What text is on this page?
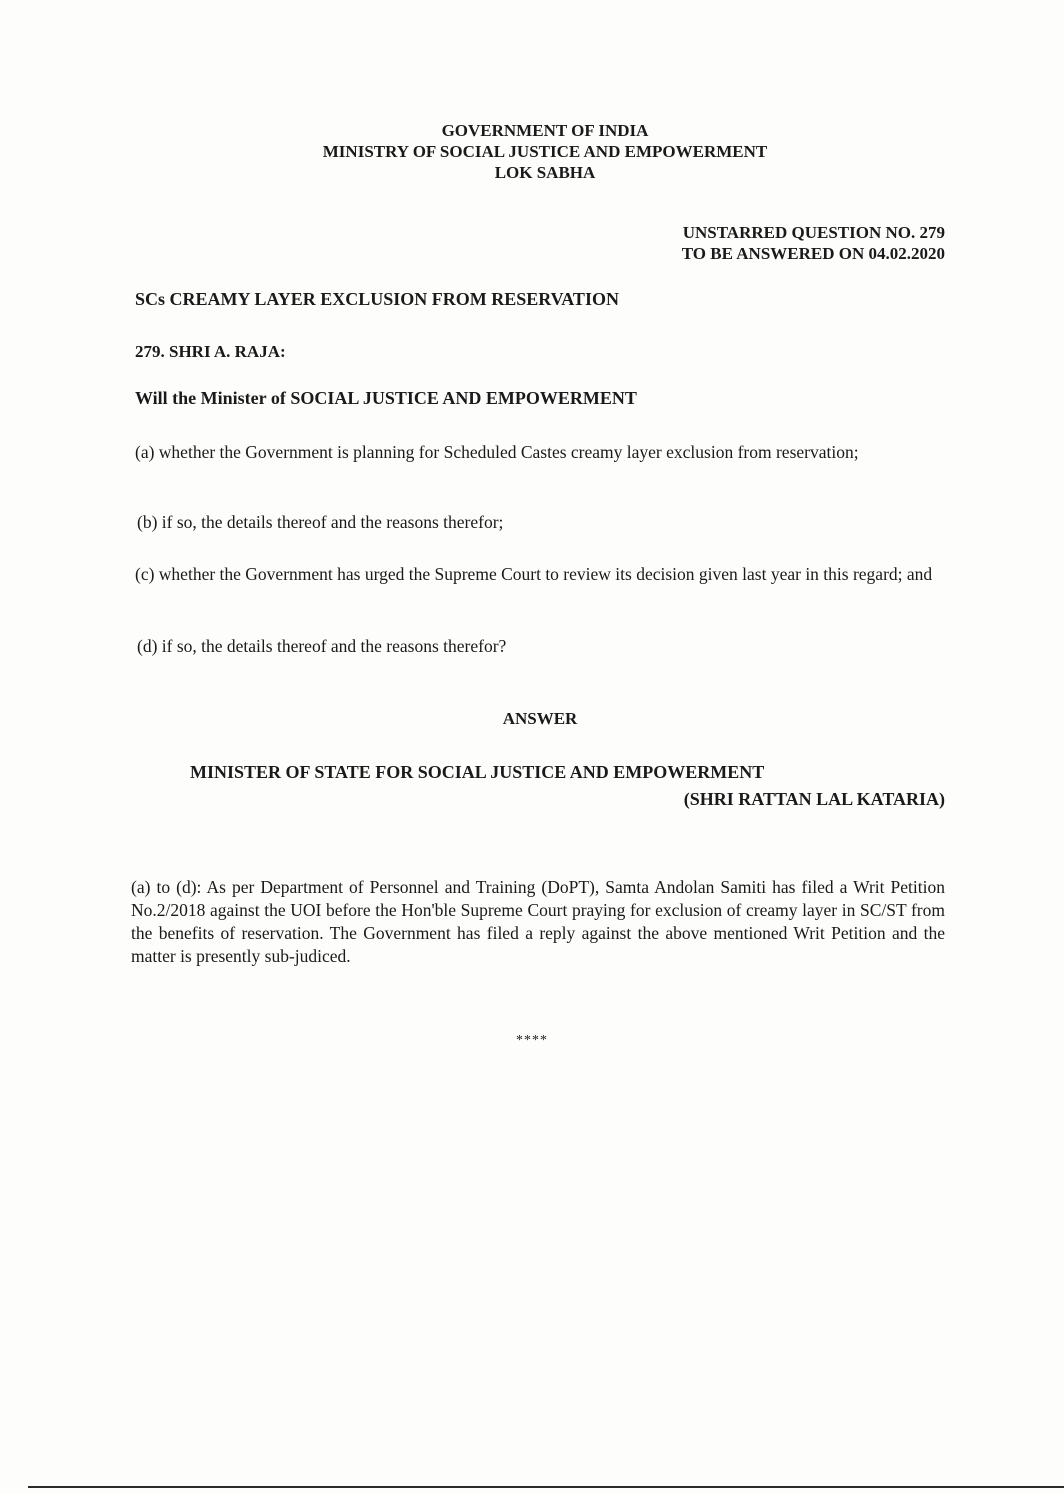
GOVERNMENT OF INDIA
MINISTRY OF SOCIAL JUSTICE AND EMPOWERMENT
LOK SABHA
UNSTARRED QUESTION NO. 279
TO BE ANSWERED ON 04.02.2020
SCs CREAMY LAYER EXCLUSION FROM RESERVATION
279. SHRI A. RAJA:
Will the Minister of SOCIAL JUSTICE AND EMPOWERMENT
(a) whether the Government is planning for Scheduled Castes creamy layer exclusion from reservation;
(b) if so, the details thereof and the reasons therefor;
(c) whether the Government has urged the Supreme Court to review its decision given last year in this regard; and
(d) if so, the details thereof and the reasons therefor?
ANSWER
MINISTER OF STATE FOR SOCIAL JUSTICE AND EMPOWERMENT
(SHRI RATTAN LAL KATARIA)
(a) to (d): As per Department of Personnel and Training (DoPT), Samta Andolan Samiti has filed a Writ Petition No.2/2018 against the UOI before the Hon'ble Supreme Court praying for exclusion of creamy layer in SC/ST from the benefits of reservation. The Government has filed a reply against the above mentioned Writ Petition and the matter is presently sub-judiced.
****
